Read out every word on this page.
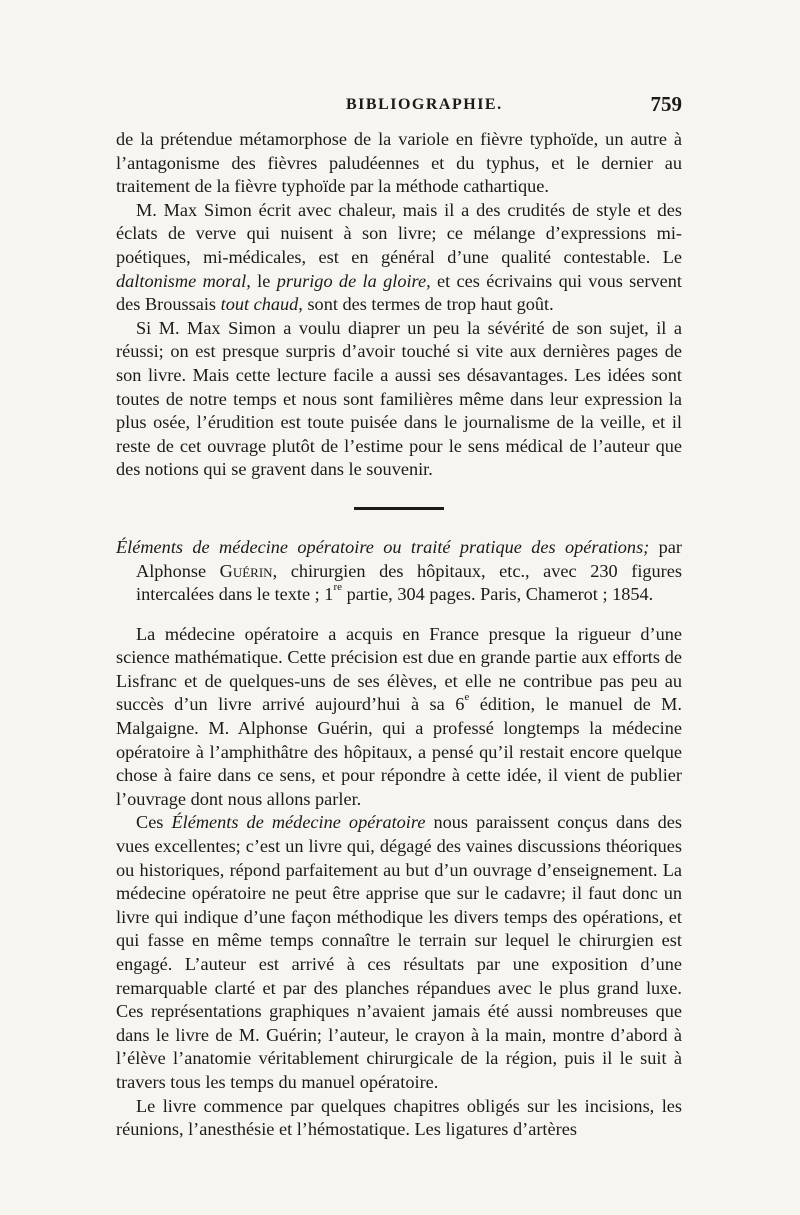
BIBLIOGRAPHIE.	759

de la prétendue métamorphose de la variole en fièvre typhoïde, un autre à l’antagonisme des fièvres paludéennes et du typhus, et le dernier au traitement de la fièvre typhoïde par la méthode cathartique.

M. Max Simon écrit avec chaleur, mais il a des crudités de style et des éclats de verve qui nuisent à son livre; ce mélange d’expressions mi-poétiques, mi-médicales, est en général d’une qualité contestable. Le daltonisme moral, le prurigo de la gloire, et ces écrivains qui vous servent des Broussais tout chaud, sont des termes de trop haut goût.

Si M. Max Simon a voulu diaprer un peu la sévérité de son sujet, il a réussi; on est presque surpris d’avoir touché si vite aux dernières pages de son livre. Mais cette lecture facile a aussi ses désavantages. Les idées sont toutes de notre temps et nous sont familières même dans leur expression la plus osée, l’érudition est toute puisée dans le journalisme de la veille, et il reste de cet ouvrage plutôt de l’estime pour le sens médical de l’auteur que des notions qui se gravent dans le souvenir.

Éléments de médecine opératoire ou traité pratique des opérations; par Alphonse Guérin, chirurgien des hôpitaux, etc., avec 230 figures intercalées dans le texte ; 1re partie, 304 pages. Paris, Chamerot ; 1854.

La médecine opératoire a acquis en France presque la rigueur d’une science mathématique. Cette précision est due en grande partie aux efforts de Lisfranc et de quelques-uns de ses élèves, et elle ne contribue pas peu au succès d’un livre arrivé aujourd’hui à sa 6e édition, le manuel de M. Malgaigne. M. Alphonse Guérin, qui a professé longtemps la médecine opératoire à l’amphithâtre des hôpitaux, a pensé qu’il restait encore quelque chose à faire dans ce sens, et pour répondre à cette idée, il vient de publier l’ouvrage dont nous allons parler.

Ces Éléments de médecine opératoire nous paraissent conçus dans des vues excellentes; c’est un livre qui, dégagé des vaines discussions théoriques ou historiques, répond parfaitement au but d’un ouvrage d’enseignement. La médecine opératoire ne peut être apprise que sur le cadavre; il faut donc un livre qui indique d’une façon méthodique les divers temps des opérations, et qui fasse en même temps connaître le terrain sur lequel le chirurgien est engagé. L’auteur est arrivé à ces résultats par une exposition d’une remarquable clarté et par des planches répandues avec le plus grand luxe. Ces représentations graphiques n’avaient jamais été aussi nombreuses que dans le livre de M. Guérin; l’auteur, le crayon à la main, montre d’abord à l’élève l’anatomie véritablement chirurgicale de la région, puis il le suit à travers tous les temps du manuel opératoire.

Le livre commence par quelques chapitres obligés sur les incisions, les réunions, l’anesthésie et l’hémostatique. Les ligatures d’artères
